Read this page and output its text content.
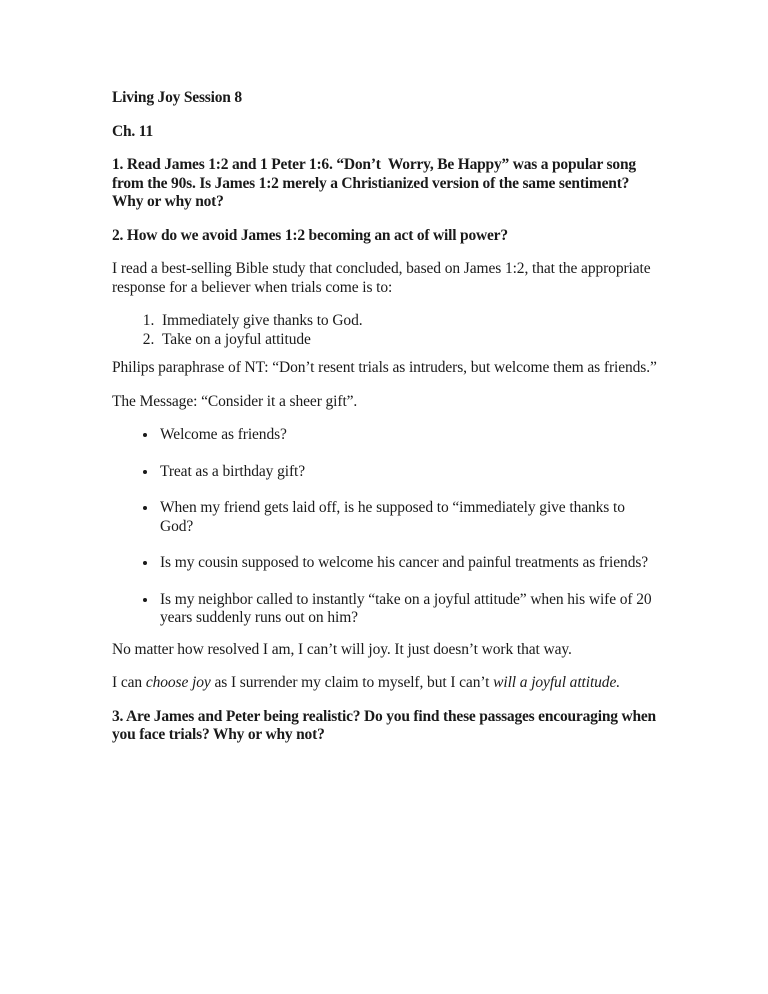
Living Joy Session 8

Ch. 11

1. Read James 1:2 and 1 Peter 1:6. “Don’t  Worry, Be Happy” was a popular song from the 90s. Is James 1:2 merely a Christianized version of the same sentiment? Why or why not?

2. How do we avoid James 1:2 becoming an act of will power?

I read a best-selling Bible study that concluded, based on James 1:2, that the appropriate response for a believer when trials come is to:

1. Immediately give thanks to God.
2. Take on a joyful attitude

Philips paraphrase of NT: “Don’t resent trials as intruders, but welcome them as friends.”

The Message: “Consider it a sheer gift”.

• Welcome as friends?
• Treat as a birthday gift?
• When my friend gets laid off, is he supposed to “immediately give thanks to God?
• Is my cousin supposed to welcome his cancer and painful treatments as friends?
• Is my neighbor called to instantly “take on a joyful attitude” when his wife of 20 years suddenly runs out on him?

No matter how resolved I am, I can’t will joy. It just doesn’t work that way.

I can choose joy as I surrender my claim to myself, but I can’t will a joyful attitude.

3. Are James and Peter being realistic? Do you find these passages encouraging when you face trials? Why or why not?
